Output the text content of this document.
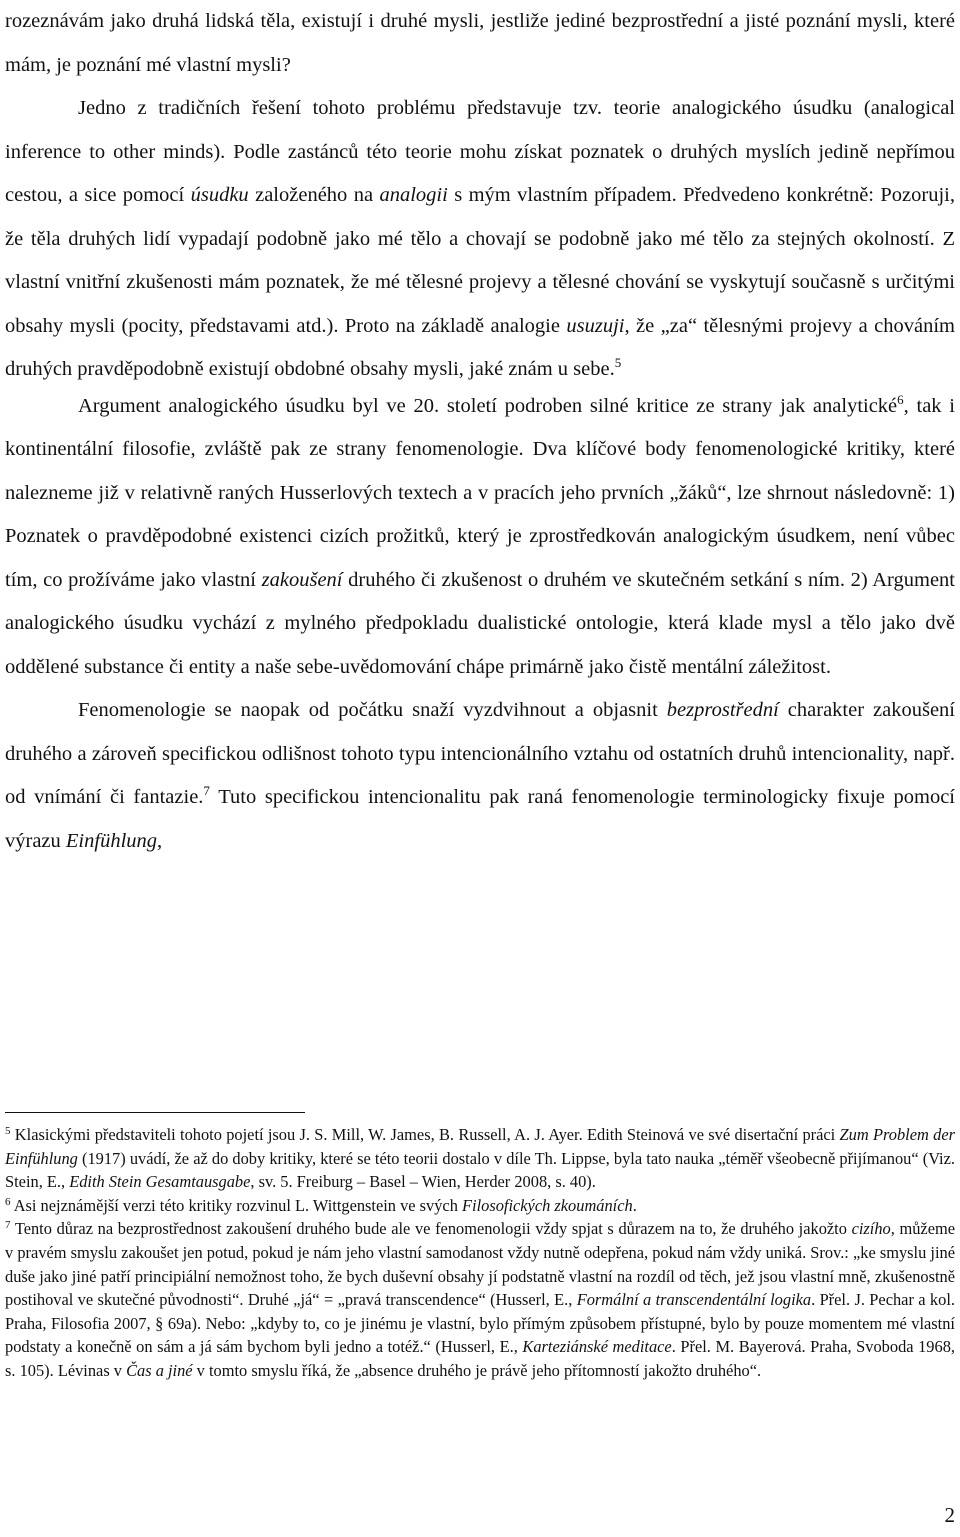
rozeznávám jako druhá lidská těla, existují i druhé mysli, jestliže jediné bezprostřední a jisté poznání mysli, které mám, je poznání mé vlastní mysli?

Jedno z tradičních řešení tohoto problému představuje tzv. teorie analogického úsudku (analogical inference to other minds). Podle zastánců této teorie mohu získat poznatek o druhých myslích jedině nepřímou cestou, a sice pomocí úsudku založeného na analogii s mým vlastním případem. Předvedeno konkrétně: Pozoruji, že těla druhých lidí vypadají podobně jako mé tělo a chovají se podobně jako mé tělo za stejných okolností. Z vlastní vnitřní zkušenosti mám poznatek, že mé tělesné projevy a tělesné chování se vyskytují současně s určitými obsahy mysli (pocity, představami atd.). Proto na základě analogie usuzuji, že „za“ tělesnými projevy a chováním druhých pravděpodobně existují obdobné obsahy mysli, jaké znám u sebe.$^5$

Argument analogického úsudku byl ve 20. století podroben silné kritice ze strany jak analytické$^6$, tak i kontinentální filosofie, zvláště pak ze strany fenomenologie. Dva klíčové body fenomenologické kritiky, které nalezneme již v relativně raných Husserlových textech a v pracích jeho prvních „žáků“, lze shrnout následovně: 1) Poznatek o pravděpodobné existenci cizích prožitků, který je zprostředkován analogickým úsudkem, není vůbec tím, co prožíváme jako vlastní zakoušení druhého či zkušenost o druhém ve skutečném setkání s ním. 2) Argument analogického úsudku vychází z mylného předpokladu dualistické ontologie, která klade mysl a tělo jako dvě oddělené substance či entity a naše sebe-uvědomování chápe primárně jako čistě mentální záležitost.

Fenomenologie se naopak od počátku snaží vyzdvihnout a objasnit bezprostřední charakter zakoušení druhého a zároveň specifickou odlišnost tohoto typu intencionálního vztahu od ostatních druhů intencionality, např. od vnímání či fantazie.$^7$ Tuto specifickou intencionalitu pak raná fenomenologie terminologicky fixuje pomocí výrazu Einfühlung,

$^5$ Klasickými představiteli tohoto pojetí jsou J. S. Mill, W. James, B. Russell, A. J. Ayer. Edith Steinová ve své disertační práci Zum Problem der Einfühlung (1917) uvádí, že až do doby kritiky, které se této teorii dostalo v díle Th. Lippse, byla tato nauka „téměř všeobecně přijímanou“ (Viz. Stein, E., Edith Stein Gesamtausgabe, sv. 5. Freiburg – Basel – Wien, Herder 2008, s. 40).

$^6$ Asi nejznámější verzi této kritiky rozvinul L. Wittgenstein ve svých Filosofických zkoumáních.

$^7$ Tento důraz na bezprostřednost zakoušení druhého bude ale ve fenomenologii vždy spjat s důrazem na to, že druhého jakožto cizího, můžeme v pravém smyslu zakoušet jen potud, pokud je nám jeho vlastní samodanost vždy nutně odepřena, pokud nám vždy uniká. Srov.: „ke smyslu jiné duše jako jiné patří principiální nemožnost toho, že bych duševní obsahy jí podstatně vlastní na rozdíl od těch, jež jsou vlastní mně, zkušenostně postihoval ve skutečné původnosti“. Druhé „já“ = „pravá transcendence“ (Husserl, E., Formální a transcendentální logika. Přel. J. Pechar a kol. Praha, Filosofia 2007, § 69a). Nebo: „kdyby to, co je jinému je vlastní, bylo přímým způsobem přístupné, bylo by pouze momentem mé vlastní podstaty a konečně on sám a já sám bychom byli jedno a totéž.“ (Husserl, E., Karteziánské meditace. Přel. M. Bayerová. Praha, Svoboda 1968, s. 105). Lévinas v Čas a jiné v tomto smyslu říká, že „absence druhého je právě jeho přítomností jakožto druhého“.

2
